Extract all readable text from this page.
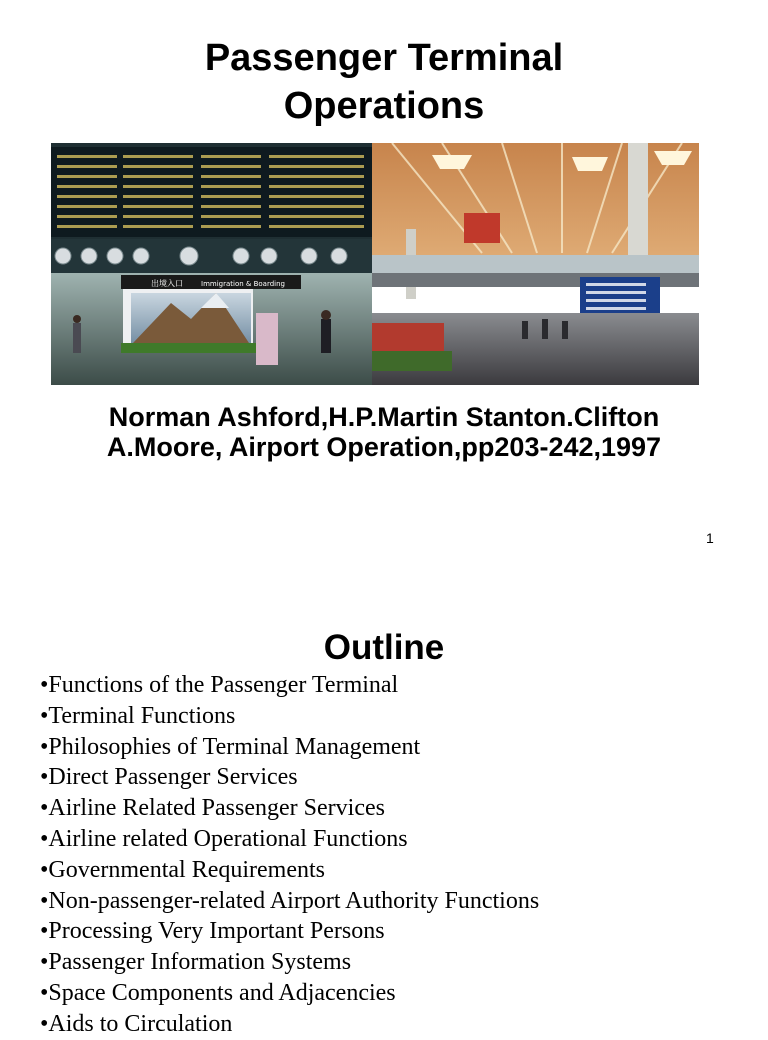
Passenger Terminal
Operations
出境入口	Immigration & Boarding
Norman Ashford,H.P.Martin Stanton.Clifton
A.Moore, Airport Operation,pp203-242,1997
1
Outline
•Functions of the Passenger Terminal
•Terminal Functions
•Philosophies of Terminal Management
•Direct Passenger Services
•Airline Related Passenger Services
•Airline related Operational Functions
•Governmental Requirements
•Non-passenger-related Airport Authority Functions
•Processing Very Important Persons
•Passenger Information Systems
•Space Components and Adjacencies
•Aids to Circulation
